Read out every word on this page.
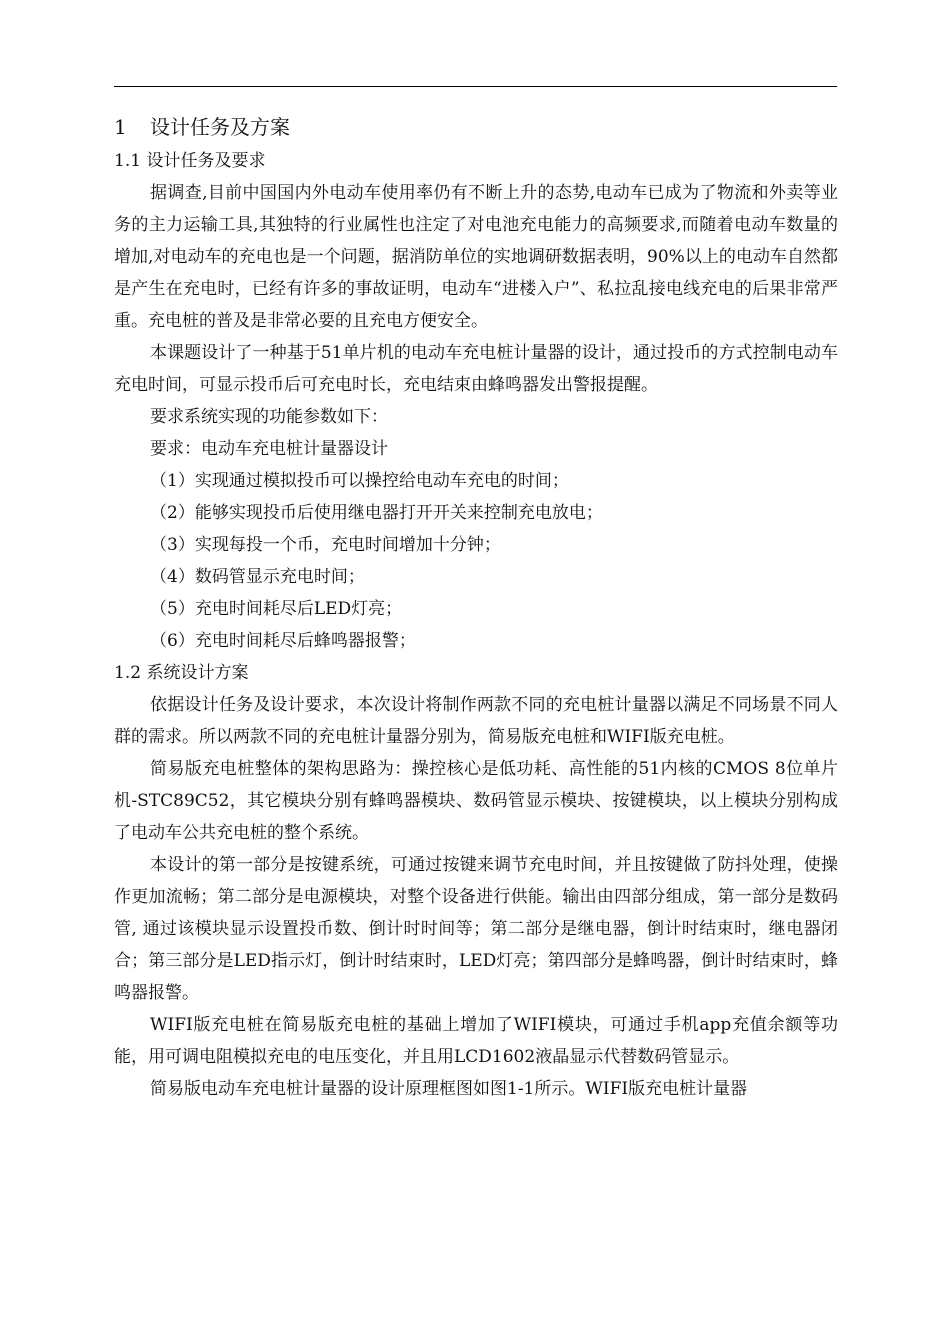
1 设计任务及方案
1.1 设计任务及要求

据调查,目前中国国内外电动车使用率仍有不断上升的态势,电动车已成为了物流和外卖等业务的主力运输工具,其独特的行业属性也注定了对电池充电能力的高频要求,而随着电动车数量的增加,对电动车的充电也是一个问题，据消防单位的实地调研数据表明，90%以上的电动车自然都是产生在充电时，已经有许多的事故证明，电动车“进楼入户”、私拉乱接电线充电的后果非常严重。充电桩的普及是非常必要的且充电方便安全。

本课题设计了一种基于51单片机的电动车充电桩计量器的设计，通过投币的方式控制电动车充电时间，可显示投币后可充电时长，充电结束由蜂鸣器发出警报提醒。

要求系统实现的功能参数如下：
要求：电动车充电桩计量器设计
（1）实现通过模拟投币可以操控给电动车充电的时间；
（2）能够实现投币后使用继电器打开开关来控制充电放电；
（3）实现每投一个币，充电时间增加十分钟；
（4）数码管显示充电时间；
（5）充电时间耗尽后LED灯亮；
（6）充电时间耗尽后蜂鸣器报警；
1.2 系统设计方案

依据设计任务及设计要求，本次设计将制作两款不同的充电桩计量器以满足不同场景不同人群的需求。所以两款不同的充电桩计量器分别为，简易版充电桩和WIFI版充电桩。

简易版充电桩整体的架构思路为：操控核心是低功耗、高性能的51内核的CMOS 8位单片机-STC89C52，其它模块分别有蜂鸣器模块、数码管显示模块、按键模块，以上模块分别构成了电动车公共充电桩的整个系统。

本设计的第一部分是按键系统，可通过按键来调节充电时间，并且按键做了防抖处理，使操作更加流畅；第二部分是电源模块，对整个设备进行供能。输出由四部分组成，第一部分是数码管, 通过该模块显示设置投币数、倒计时时间等；第二部分是继电器，倒计时结束时，继电器闭合；第三部分是LED指示灯，倒计时结束时，LED灯亮；第四部分是蜂鸣器，倒计时结束时，蜂鸣器报警。

WIFI版充电桩在简易版充电桩的基础上增加了WIFI模块，可通过手机app充值余额等功能，用可调电阻模拟充电的电压变化，并且用LCD1602液晶显示代替数码管显示。

简易版电动车充电桩计量器的设计原理框图如图1-1所示。WIFI版充电桩计量器
